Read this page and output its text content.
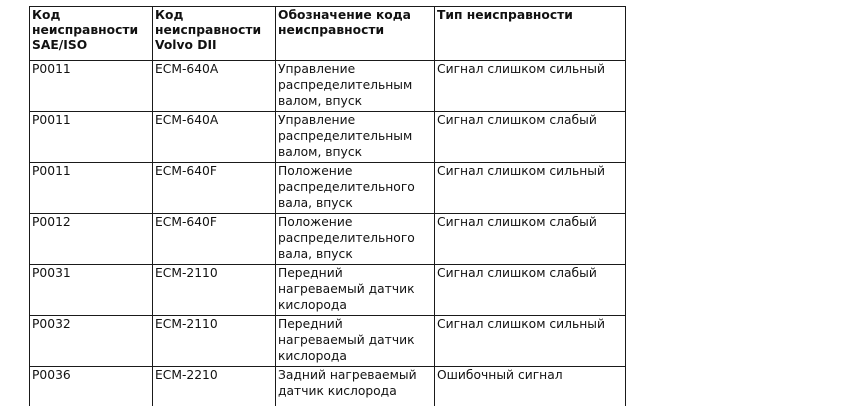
Код неисправности SAE/ISO	Код неисправности Volvo DII	Обозначение кода неисправности	Тип неисправности
P0011	ECM-640A	Управление распределительным валом, впуск	Сигнал слишком сильный
P0011	ECM-640A	Управление распределительным валом, впуск	Сигнал слишком слабый
P0011	ECM-640F	Положение распределительного вала, впуск	Сигнал слишком сильный
P0012	ECM-640F	Положение распределительного вала, впуск	Сигнал слишком слабый
P0031	ECM-2110	Передний нагреваемый датчик кислорода	Сигнал слишком слабый
P0032	ECM-2110	Передний нагреваемый датчик кислорода	Сигнал слишком сильный
P0036	ECM-2210	Задний нагреваемый датчик кислорода	Ошибочный сигнал
